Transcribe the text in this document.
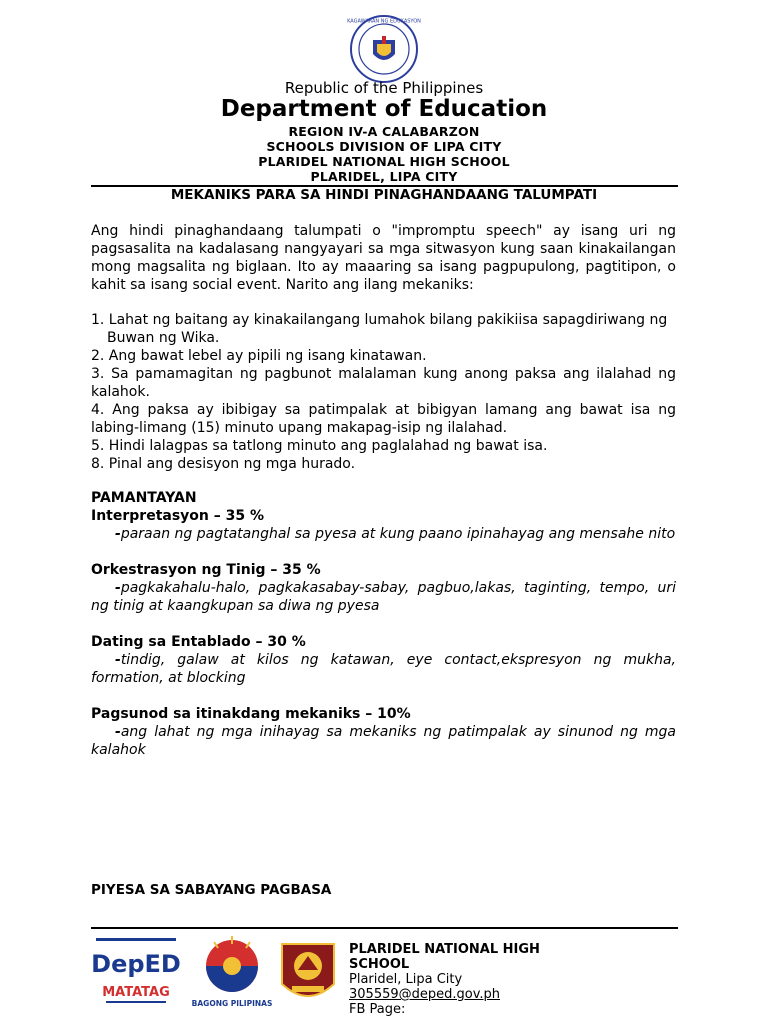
KAGAWARAN NG EDUKASYON
Republic of the Philippines
Department of Education
REGION IV-A CALABARZON
SCHOOLS DIVISION OF LIPA CITY
PLARIDEL NATIONAL HIGH SCHOOL
PLARIDEL, LIPA CITY
MEKANIKS PARA SA HINDI PINAGHANDAANG TALUMPATI
Ang hindi pinaghandaang talumpati o "impromptu speech" ay isang uri ng pagsasalita na kadalasang nangyayari sa mga sitwasyon kung saan kinakailangan mong magsalita ng biglaan. Ito ay maaaring sa isang pagpupulong, pagtitipon, o kahit sa isang social event. Narito ang ilang mekaniks:
1. Lahat ng baitang ay kinakailangang lumahok bilang pakikiisa sapagdiriwang ng
Buwan ng Wika.
2. Ang bawat lebel ay pipili ng isang kinatawan.
3. Sa pamamagitan ng pagbunot malalaman kung anong paksa ang ilalahad ng kalahok.
4. Ang paksa ay ibibigay sa patimpalak at bibigyan lamang ang bawat isa ng labing-limang (15) minuto upang makapag-isip ng ilalahad.
5. Hindi lalagpas sa tatlong minuto ang paglalahad ng bawat isa.
8. Pinal ang desisyon ng mga hurado.
PAMANTAYAN
Interpretasyon – 35 %
-paraan ng pagtatanghal sa pyesa at kung paano ipinahayag ang mensahe nito
Orkestrasyon ng Tinig – 35 %
-pagkakahalu-halo, pagkakasabay-sabay, pagbuo,lakas, taginting, tempo, uri ng tinig at kaangkupan sa diwa ng pyesa
Dating sa Entablado – 30 %
-tindig, galaw at kilos ng katawan, eye contact,ekspresyon ng mukha, formation, at blocking
Pagsunod sa itinakdang mekaniks – 10%
-ang lahat ng mga inihayag sa mekaniks ng patimpalak ay sinunod ng mga kalahok
PIYESA SA SABAYANG PAGBASA
DepED
MATATAG
BAGONG PILIPINAS
PLARIDEL NATIONAL HIGH
SCHOOL
Plaridel, Lipa City
305559@deped.gov.ph
FB Page:
